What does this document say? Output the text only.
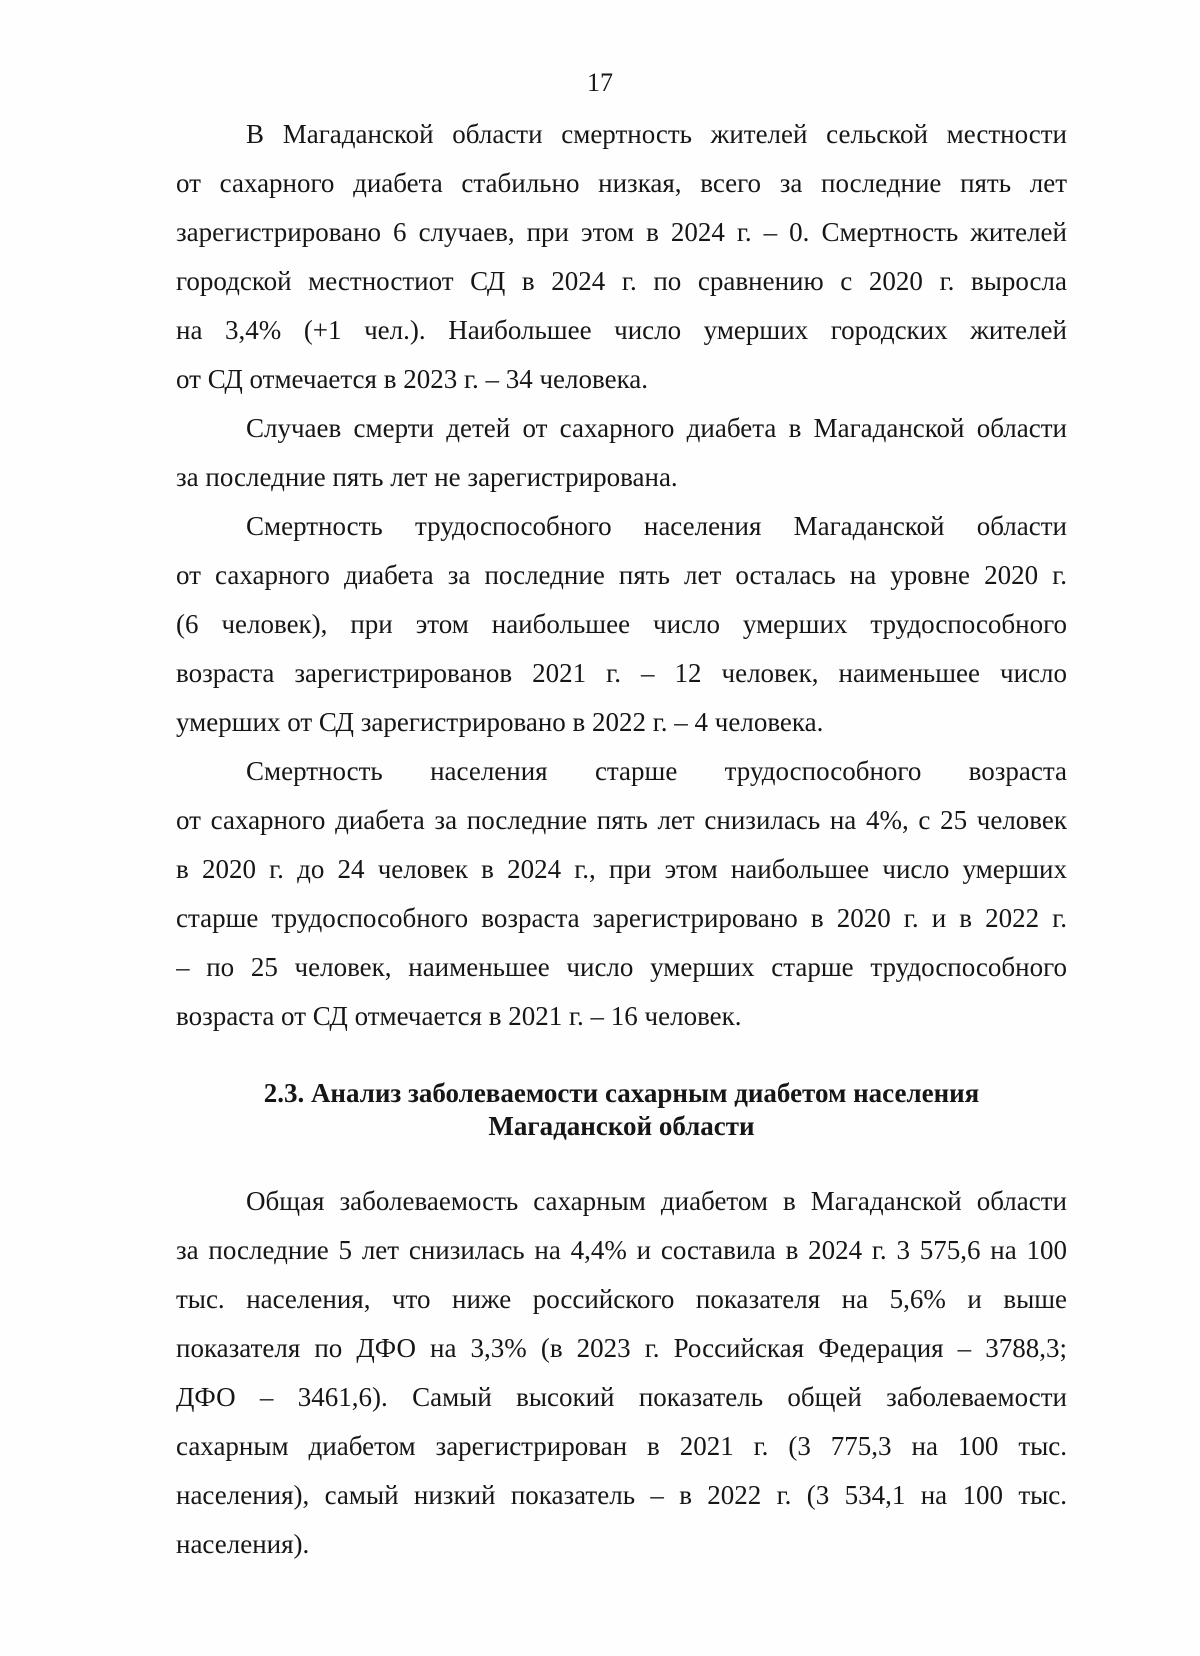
17

В Магаданской области смертность жителей сельской местности
от сахарного диабета стабильно низкая, всего за последние пять лет
зарегистрировано 6 случаев, при этом в 2024 г. – 0. Смертность жителей
городской местностиот СД в 2024 г. по сравнению с 2020 г. выросла
на 3,4% (+1 чел.). Наибольшее число умерших городских жителей
от СД отмечается в 2023 г. – 34 человека.

Случаев смерти детей от сахарного диабета в Магаданской области
за последние пять лет не зарегистрирована.

Смертность трудоспособного населения Магаданской области
от сахарного диабета за последние пять лет осталась на уровне 2020 г.
(6 человек), при этом наибольшее число умерших трудоспособного
возраста зарегистрированов 2021 г. – 12 человек, наименьшее число
умерших от СД зарегистрировано в 2022 г. – 4 человека.

Смертность населения старше трудоспособного возраста
от сахарного диабета за последние пять лет снизилась на 4%, с 25 человек
в 2020 г. до 24 человек в 2024 г., при этом наибольшее число умерших
старше трудоспособного возраста зарегистрировано в 2020 г. и в 2022 г.
– по 25 человек, наименьшее число умерших старше трудоспособного
возраста от СД отмечается в 2021 г. – 16 человек.

2.3. Анализ заболеваемости сахарным диабетом населения
Магаданской области

Общая заболеваемость сахарным диабетом в Магаданской области
за последние 5 лет снизилась на 4,4% и составила в 2024 г. 3 575,6 на 100
тыс. населения, что ниже российского показателя на 5,6% и выше
показателя по ДФО на 3,3% (в 2023 г. Российская Федерация – 3788,3;
ДФО – 3461,6). Самый высокий показатель общей заболеваемости
сахарным диабетом зарегистрирован в 2021 г. (3 775,3 на 100 тыс.
населения), самый низкий показатель – в 2022 г. (3 534,1 на 100 тыс.
населения).
